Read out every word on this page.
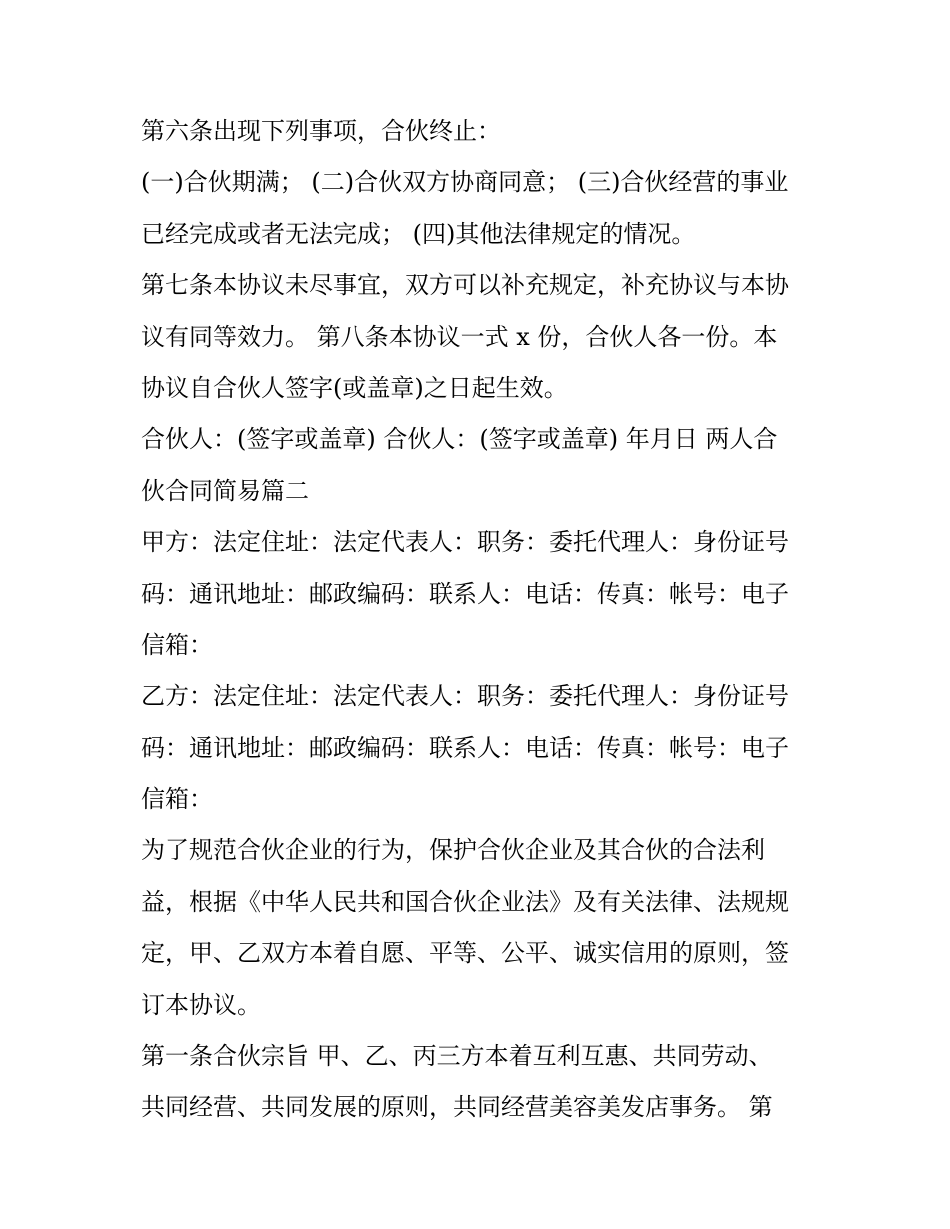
第六条出现下列事项，合伙终止：
(一)合伙期满； (二)合伙双方协商同意； (三)合伙经营的事业
已经完成或者无法完成； (四)其他法律规定的情况。
第七条本协议未尽事宜，双方可以补充规定，补充协议与本协
议有同等效力。 第八条本协议一式 x 份，合伙人各一份。本
协议自合伙人签字(或盖章)之日起生效。
合伙人：(签字或盖章) 合伙人：(签字或盖章) 年月日 两人合
伙合同简易篇二
甲方：法定住址：法定代表人：职务：委托代理人：身份证号
码：通讯地址：邮政编码：联系人：电话：传真：帐号：电子
信箱：
乙方：法定住址：法定代表人：职务：委托代理人：身份证号
码：通讯地址：邮政编码：联系人：电话：传真：帐号：电子
信箱：
为了规范合伙企业的行为，保护合伙企业及其合伙的合法利
益，根据《中华人民共和国合伙企业法》及有关法律、法规规
定，甲、乙双方本着自愿、平等、公平、诚实信用的原则，签
订本协议。
第一条合伙宗旨 甲、乙、丙三方本着互利互惠、共同劳动、
共同经营、共同发展的原则，共同经营美容美发店事务。 第
